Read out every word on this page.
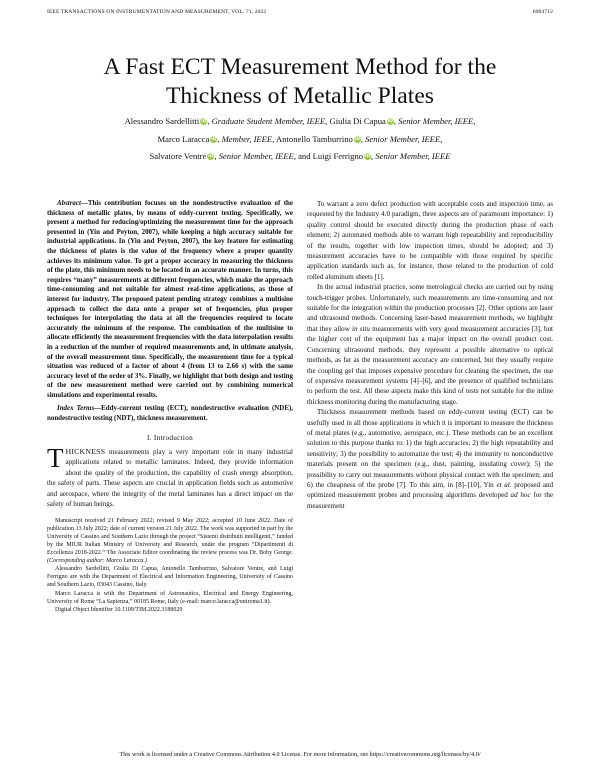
IEEE TRANSACTIONS ON INSTRUMENTATION AND MEASUREMENT, VOL. 71, 2022	6004712
A Fast ECT Measurement Method for the
Thickness of Metallic Plates
Alessandro Sardellitti iD, Graduate Student Member, IEEE, Giulia Di Capua iD, Senior Member, IEEE,
Marco Laracca iD, Member, IEEE, Antonello Tamburrino iD, Senior Member, IEEE,
Salvatore Ventre iD, Senior Member, IEEE, and Luigi Ferrigno iD, Senior Member, IEEE

Abstract—This contribution focuses on the nondestructive evaluation of the thickness of metallic plates, by means of eddy-current testing. Specifically, we present a method for reducing/optimizing the measurement time for the approach presented in (Yin and Peyton, 2007), while keeping a high accuracy suitable for industrial applications. In (Yin and Peyton, 2007), the key feature for estimating the thickness of plates is the value of the frequency where a proper quantity achieves its minimum value. To get a proper accuracy in measuring the thickness of the plate, this minimum needs to be located in an accurate manner. In turns, this requires “many” measurements at different frequencies, which make the approach time-consuming and not suitable for almost real-time applications, as those of interest for industry. The proposed patent pending strategy combines a multisine approach to collect the data onto a proper set of frequencies, plus proper techniques for interpolating the data at all the frequencies required to locate accurately the minimum of the response. The combination of the multisine to allocate efficiently the measurement frequencies with the data interpolation results in a reduction of the number of required measurements and, in ultimate analysis, of the overall measurement time. Specifically, the measurement time for a typical situation was reduced of a factor of about 4 (from 13 to 2.66 s) with the same accuracy level of the order of 3%. Finally, we highlight that both design and testing of the new measurement method were carried out by combining numerical simulations and experimental results.

Index Terms—Eddy-current testing (ECT), nondestructive evaluation (NDE), nondestructive testing (NDT), thickness measurement.

I. Introduction

THICKNESS measurements play a very important role in many industrial applications related to metallic laminates. Indeed, they provide information about the quality of the production, the capability of crash energy absorption, the safety of parts. These aspects are crucial in application fields such as automotive and aerospace, where the integrity of the metal laminates has a direct impact on the safety of human beings.

Manuscript received 21 February 2022; revised 9 May 2022; accepted 10 June 2022. Date of publication 13 July 2022; date of current version 21 July 2022. The work was supported in part by the University of Cassino and Southern Lazio through the project “Sistemi distribuiti intelligenti,” funded by the MIUR Italian Ministry of University and Research, under the program “Dipartimenti di Eccellenza 2018-2022.” The Associate Editor coordinating the review process was Dr. Boby George. (Corresponding author: Marco Laracca.)

Alessandro Sardellitti, Giulia Di Capua, Antonello Tamburrino, Salvatore Ventre, and Luigi Ferrigno are with the Department of Electrical and Information Engineering, University of Cassino and Southern Lazio, 03043 Cassino, Italy.

Marco Laracca is with the Department of Astronautics, Electrical and Energy Engineering, University of Rome “La Sapienza,” 00185 Rome, Italy (e-mail: marco.laracca@uniroma1.it).

Digital Object Identifier 10.1109/TIM.2022.3188029

To warrant a zero defect production with acceptable costs and inspection time, as requested by the Industry 4.0 paradigm, three aspects are of paramount importance: 1) quality control should be executed directly during the production phase of each element; 2) automated methods able to warrant high repeatability and reproducibility of the results, together with low inspection times, should be adopted; and 3) measurement accuracies have to be compatible with those required by specific application standards such as, for instance, those related to the production of cold rolled aluminum sheets [1].

In the actual industrial practice, some metrological checks are carried out by using touch-trigger probes. Unfortunately, such measurements are time-consuming and not suitable for the integration within the production processes [2]. Other options are laser and ultrasound methods. Concerning laser-based measurement methods, we highlight that they allow in situ measurements with very good measurement accuracies [3], but the higher cost of the equipment has a major impact on the overall product cost. Concerning ultrasound methods, they represent a possible alternative to optical methods, as far as the measurement accuracy are concerned, but they usually require the coupling gel that imposes expensive procedure for cleaning the specimen, the use of expensive measurement systems [4]–[6], and the presence of qualified technicians to perform the test. All these aspects make this kind of tests not suitable for the inline thickness monitoring during the manufacturing stage.

Thickness measurement methods based on eddy-current testing (ECT) can be usefully used in all those applications in which it is important to measure the thickness of metal plates (e.g., automotive, aerospace, etc.). These methods can be an excellent solution to this purpose thanks to: 1) the high accuracies; 2) the high repeatability and sensitivity; 3) the possibility to automatize the test; 4) the immunity to nonconductive materials present on the specimen (e.g., dust, painting, insulating cover); 5) the possibility to carry out measurements without physical contact with the specimen; and 6) the cheapness of the probe [7]. To this aim, in [8]–[10], Yin et al. proposed and optimized measurement probes and processing algorithms developed ad hoc for the measurement

This work is licensed under a Creative Commons Attribution 4.0 License. For more information, see https://creativecommons.org/licenses/by/4.0/
